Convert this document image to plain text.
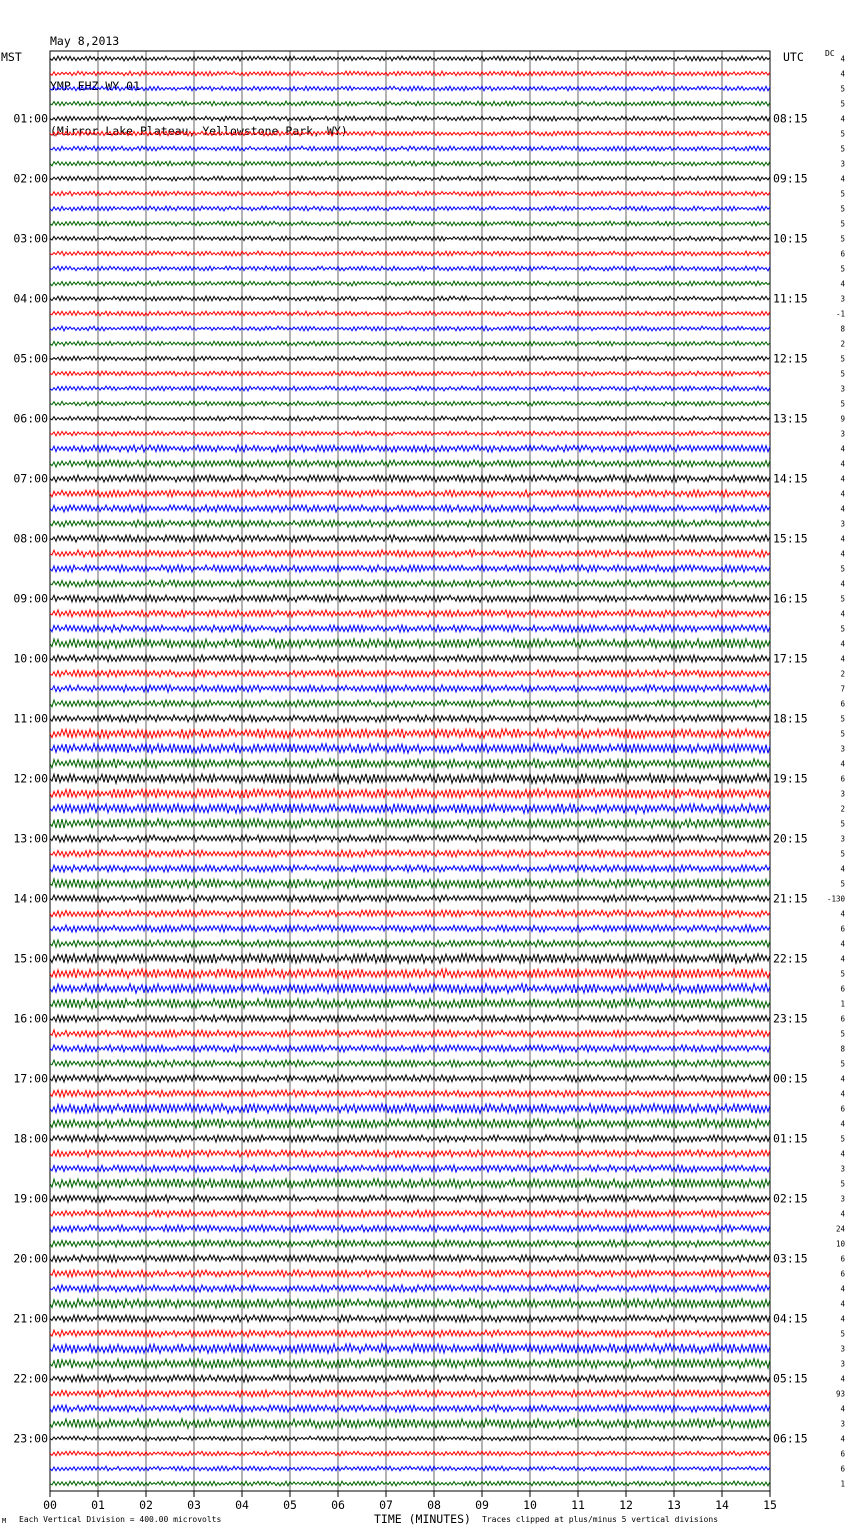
May 8,2013

YMP EHZ WY 01

(Mirror Lake Plateau, Yellowstone Park, WY)

MST	UTC	DC
00	01	02	03	04	05	06	07	08	09	10	11	12	13	14	15
4
4
5
5
4
01:00	08:15
5
5
3
4
02:00	09:15
5
5
5
5
03:00	10:15
6
5
4
3
04:00	11:15
-1
8
2
5
05:00	12:15
5
3
5
9
06:00	13:15
3
4
4
4
07:00	14:15
4
4
3
4
08:00	15:15
4
5
4
5
09:00	16:15
4
5
4
4
10:00	17:15
2
7
6
5
11:00	18:15
5
3
4
6
12:00	19:15
3
2
5
3
13:00	20:15
5
4
5
-130
14:00	21:15
4
6
4
4
15:00	22:15
5
6
1
6
16:00	23:15
5
8
5
4
17:00	00:15
4
6
4
5
18:00	01:15
4
3
5
3
19:00	02:15
4
24
10
6
20:00	03:15
6
4
4
4
21:00	04:15
5
3
3
4
22:00	05:15
93
4
3
4
23:00	06:15
6
6
1
TIME (MINUTES)
M Each Vertical Division = 400.00 microvolts	Traces clipped at plus/minus 5 vertical divisions
